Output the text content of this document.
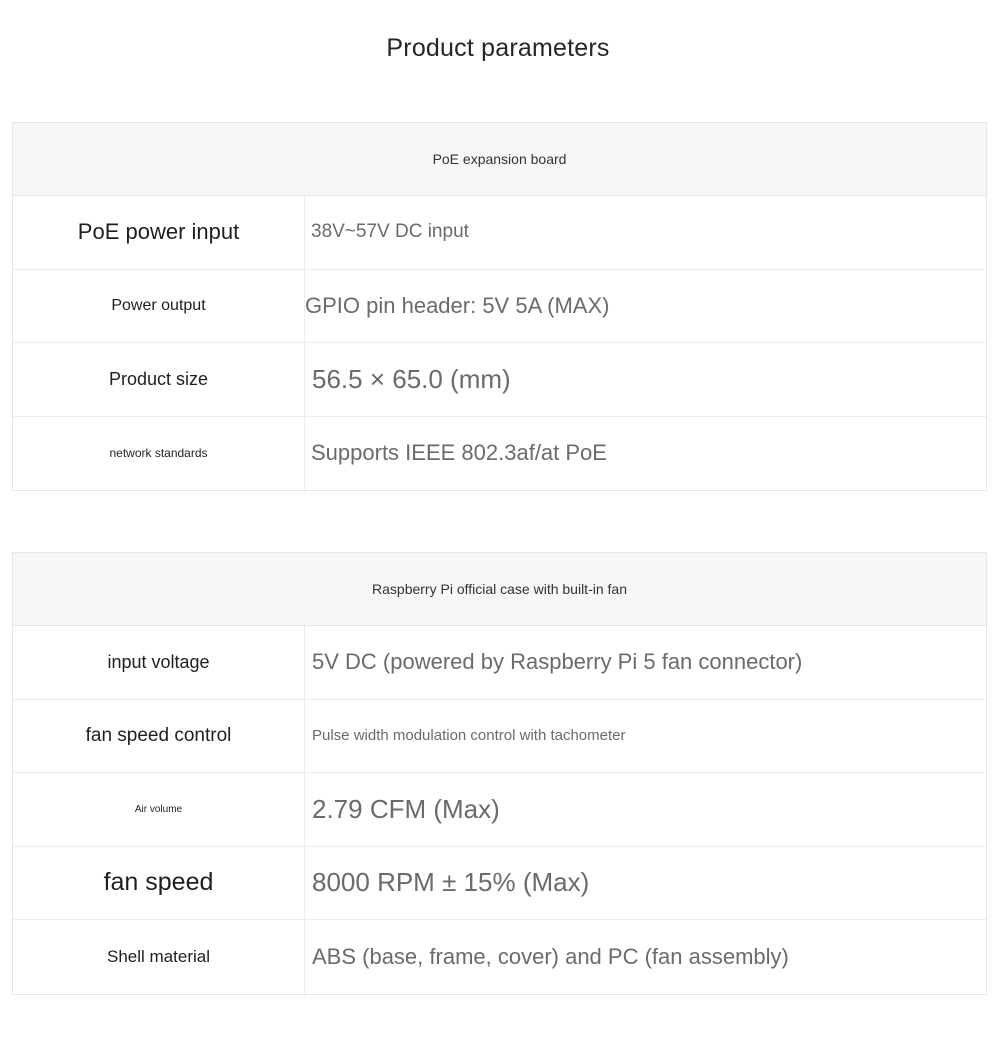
Product parameters
PoE expansion board
PoE power input	38V~57V DC input
Power output	GPIO pin header: 5V 5A (MAX)
Product size	56.5 × 65.0 (mm)
network standards	Supports IEEE 802.3af/at PoE
Raspberry Pi official case with built-in fan
input voltage	5V DC (powered by Raspberry Pi 5 fan connector)
fan speed control	Pulse width modulation control with tachometer
Air volume	2.79 CFM (Max)
fan speed	8000 RPM ± 15% (Max)
Shell material	ABS (base, frame, cover) and PC (fan assembly)
